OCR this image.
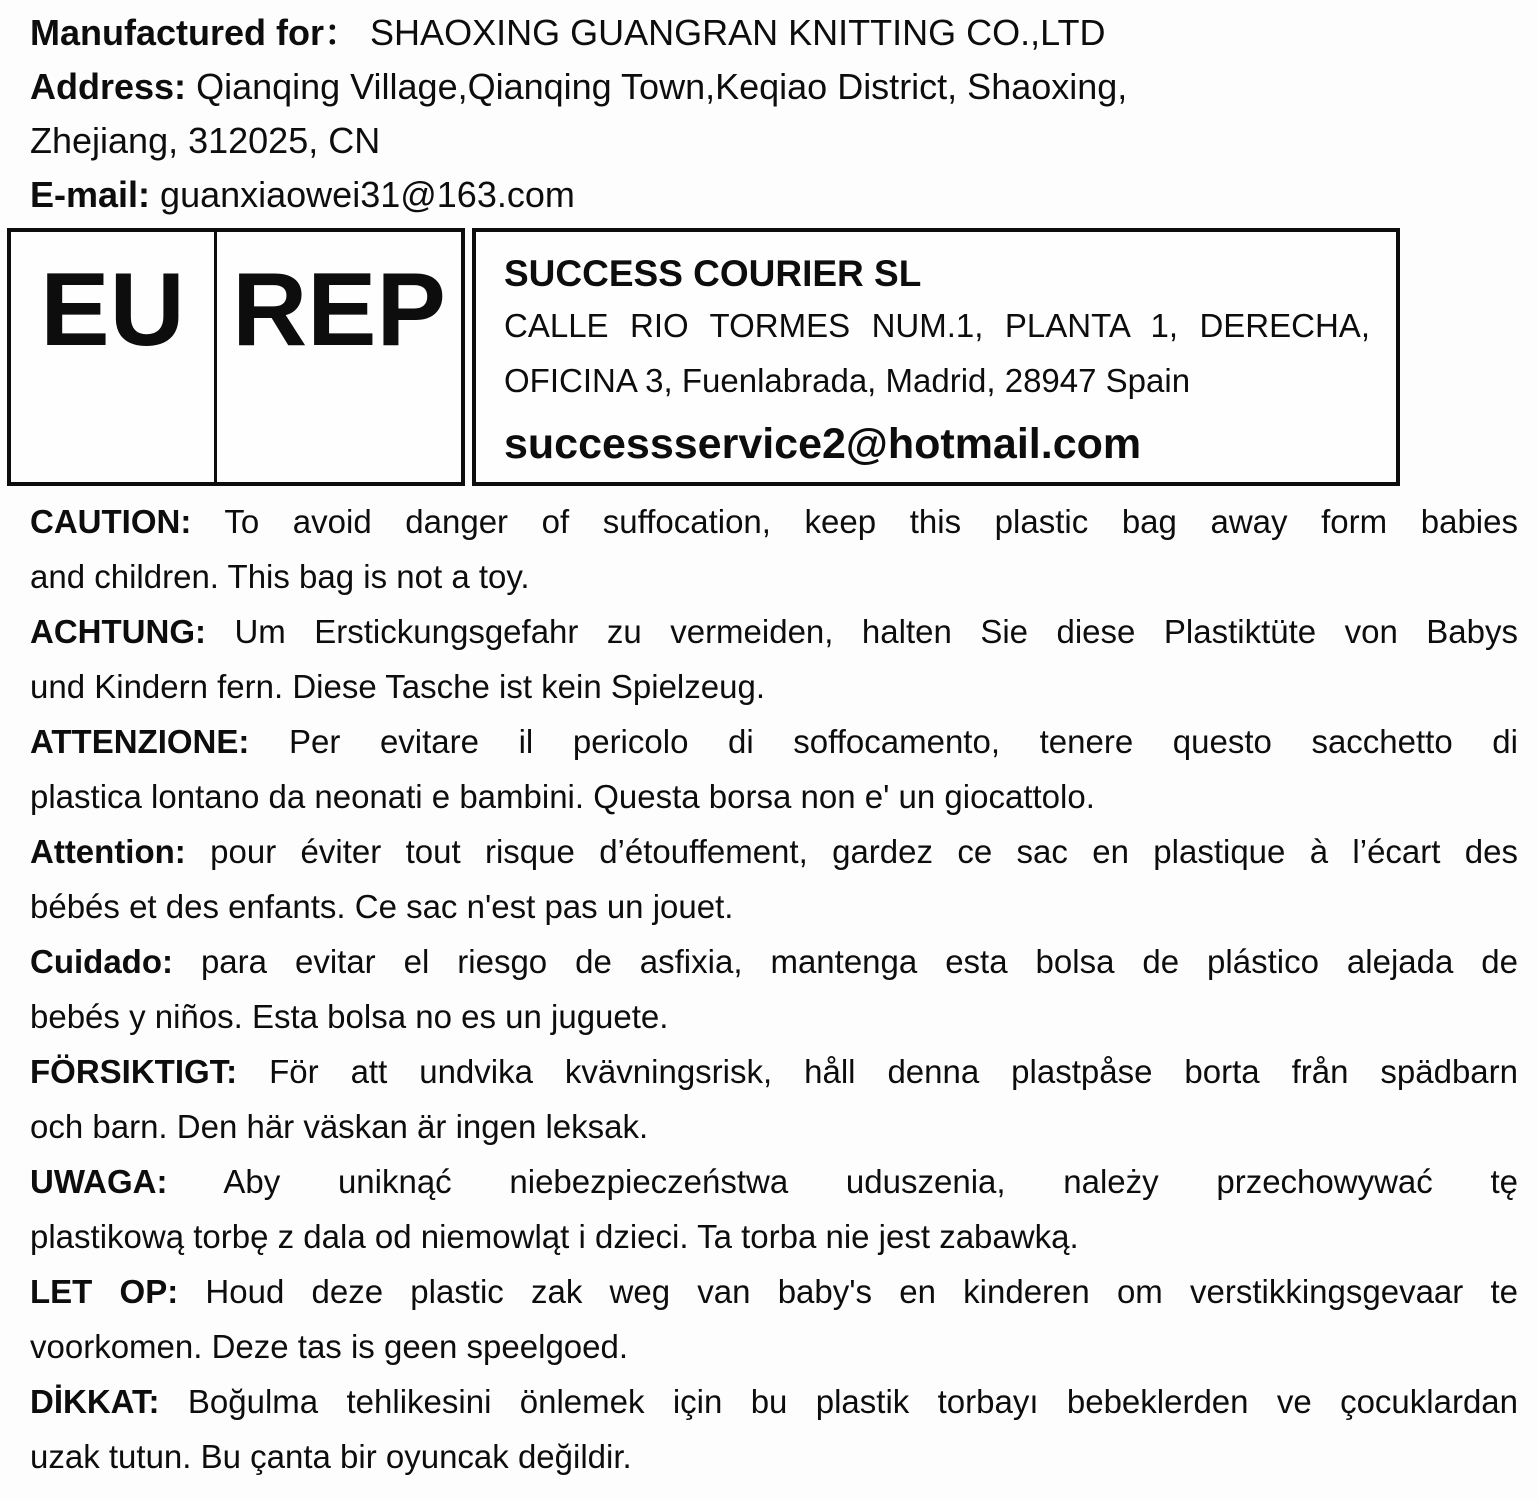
Manufactured for： SHAOXING GUANGRAN KNITTING CO.,LTD
Address: Qianqing Village,Qianqing Town,Keqiao District, Shaoxing,
Zhejiang, 312025, CN
E-mail: guanxiaowei31@163.com
EU REP	SUCCESS COURIER SL
CALLE RIO TORMES NUM.1, PLANTA 1, DERECHA,
OFICINA 3, Fuenlabrada, Madrid, 28947 Spain
successservice2@hotmail.com
CAUTION: To avoid danger of suffocation, keep this plastic bag away form babies
and children. This bag is not a toy.
ACHTUNG: Um Erstickungsgefahr zu vermeiden, halten Sie diese Plastiktüte von Babys
und Kindern fern. Diese Tasche ist kein Spielzeug.
ATTENZIONE: Per evitare il pericolo di soffocamento, tenere questo sacchetto di
plastica lontano da neonati e bambini. Questa borsa non e' un giocattolo.
Attention: pour éviter tout risque d’étouffement, gardez ce sac en plastique à l’écart des
bébés et des enfants. Ce sac n'est pas un jouet.
Cuidado: para evitar el riesgo de asfixia, mantenga esta bolsa de plástico alejada de
bebés y niños. Esta bolsa no es un juguete.
FÖRSIKTIGT: För att undvika kvävningsrisk, håll denna plastpåse borta från spädbarn
och barn. Den här väskan är ingen leksak.
UWAGA: Aby uniknąć niebezpieczeństwa uduszenia, należy przechowywać tę
plastikową torbę z dala od niemowląt i dzieci. Ta torba nie jest zabawką.
LET OP: Houd deze plastic zak weg van baby's en kinderen om verstikkingsgevaar te
voorkomen. Deze tas is geen speelgoed.
DİKKAT: Boğulma tehlikesini önlemek için bu plastik torbayı bebeklerden ve çocuklardan
uzak tutun. Bu çanta bir oyuncak değildir.
